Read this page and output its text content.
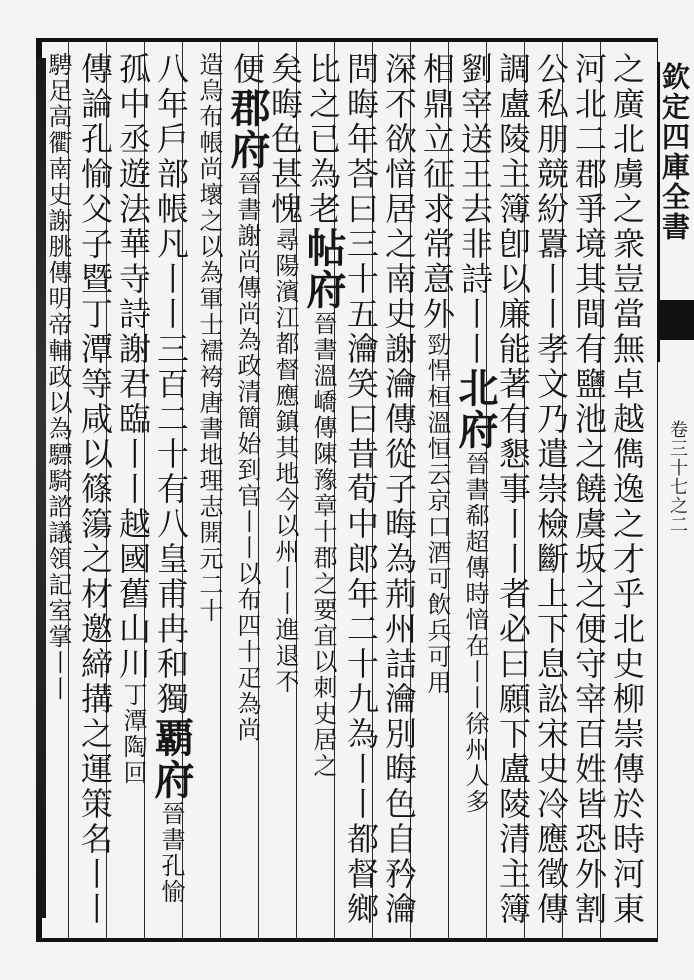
欽定四庫全書
卷三十七之二
之廣北虜之衆豈當無卓越儁逸之才乎北史柳崇傳於時河東
河北二郡爭境其間有鹽池之饒虞坂之便守宰百姓皆恐外割
公私朋競紛囂丨丨孝文乃遣崇檢斷上下息訟宋史冷應徵傳
調盧陵主簿卽以廉能著有懇事丨丨者必曰願下盧陵清主簿
劉宰送王去非詩丨丨
北
府
晉書郗超傳時愔在丨丨徐州人多
相鼎立征求常意外
勁悍桓溫恒云京口酒可飲兵可用
深不欲愔居之南史謝瀹傳從子晦為荊州詰瀹別晦色自矜瀹
問晦年荅曰三十五瀹笑曰昔荀中郎年二十九為丨丨都督鄉
比之已為老
帖
府
晉書溫嶠傳陳豫章十郡之要宜以刺史居之
矣晦色甚愧
尋陽濱江都督應鎮其地今以州丨丨進退不
便
郡
府
晉書謝尚傳尚為政清簡始到官丨丨以布四十疋為尚
造烏布帳尚壞之以為軍士襦袴唐書地理志開元二十
八年戶部帳凡丨丨三百二十有八皇甫冉和獨
覇
府
晉書孔愉
孤中丞遊法華寺詩謝君臨丨丨越國舊山川
丁潭陶回
傳論孔愉父子暨丁潭等咸以篠簜之材邀締搆之運策名丨丨
騁足高衢南史謝朓傳明帝輔政以為驃騎諮議領記室掌丨丨
